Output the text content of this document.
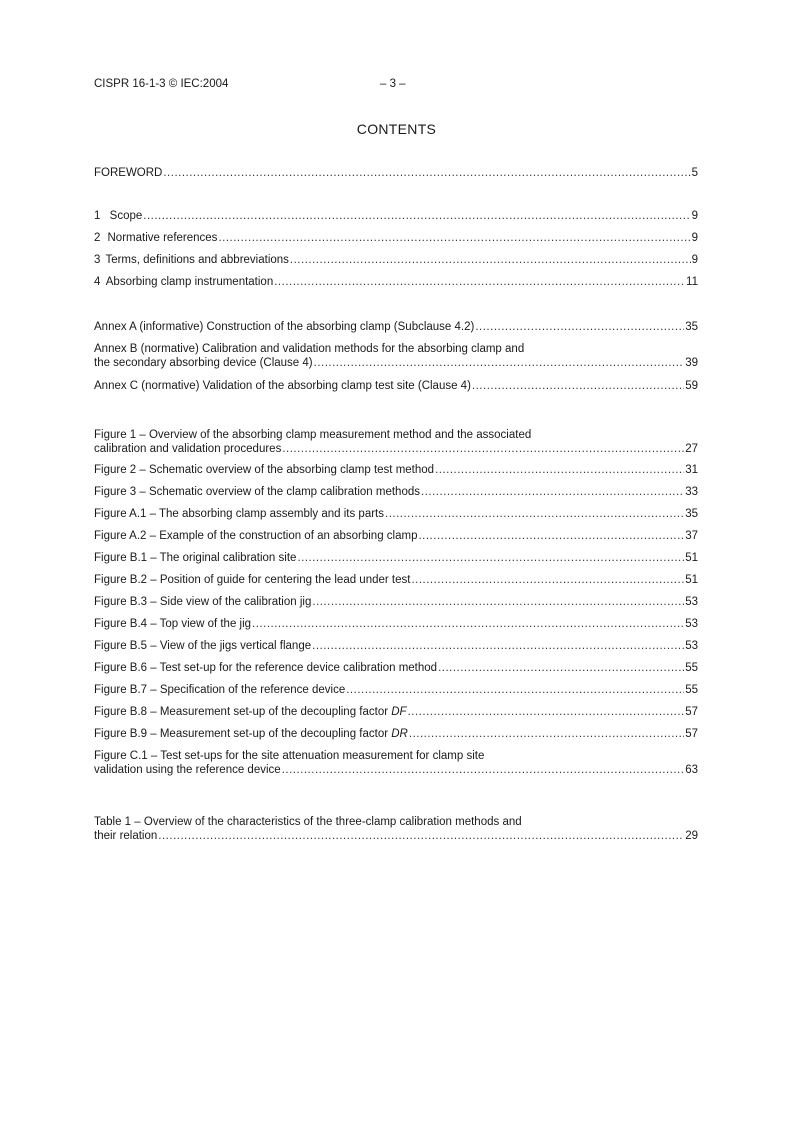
CISPR 16-1-3 © IEC:2004	– 3 –
CONTENTS
FOREWORD .....	5
1 Scope .....	9
2 Normative references .....	9
3 Terms, definitions and abbreviations .....	9
4 Absorbing clamp instrumentation .....	11
Annex A (informative) Construction of the absorbing clamp (Subclause 4.2) .....	35
Annex B (normative) Calibration and validation methods for the absorbing clamp and
the secondary absorbing device (Clause 4) .....	39
Annex C (normative) Validation of the absorbing clamp test site (Clause 4) .....	59
Figure 1 – Overview of the absorbing clamp measurement method and the associated
calibration and validation procedures .....	27
Figure 2 – Schematic overview of the absorbing clamp test method .....	31
Figure 3 – Schematic overview of the clamp calibration methods .....	33
Figure A.1 – The absorbing clamp assembly and its parts .....	35
Figure A.2 – Example of the construction of an absorbing clamp .....	37
Figure B.1 – The original calibration site .....	51
Figure B.2 – Position of guide for centering the lead under test .....	51
Figure B.3 – Side view of the calibration jig .....	53
Figure B.4 – Top view of the jig .....	53
Figure B.5 – View of the jigs vertical flange .....	53
Figure B.6 – Test set-up for the reference device calibration method .....	55
Figure B.7 – Specification of the reference device .....	55
Figure B.8 – Measurement set-up of the decoupling factor DF .....	57
Figure B.9 – Measurement set-up of the decoupling factor DR .....	57
Figure C.1 – Test set-ups for the site attenuation measurement for clamp site
validation using the reference device .....	63
Table 1 – Overview of the characteristics of the three-clamp calibration methods and
their relation .....	29
